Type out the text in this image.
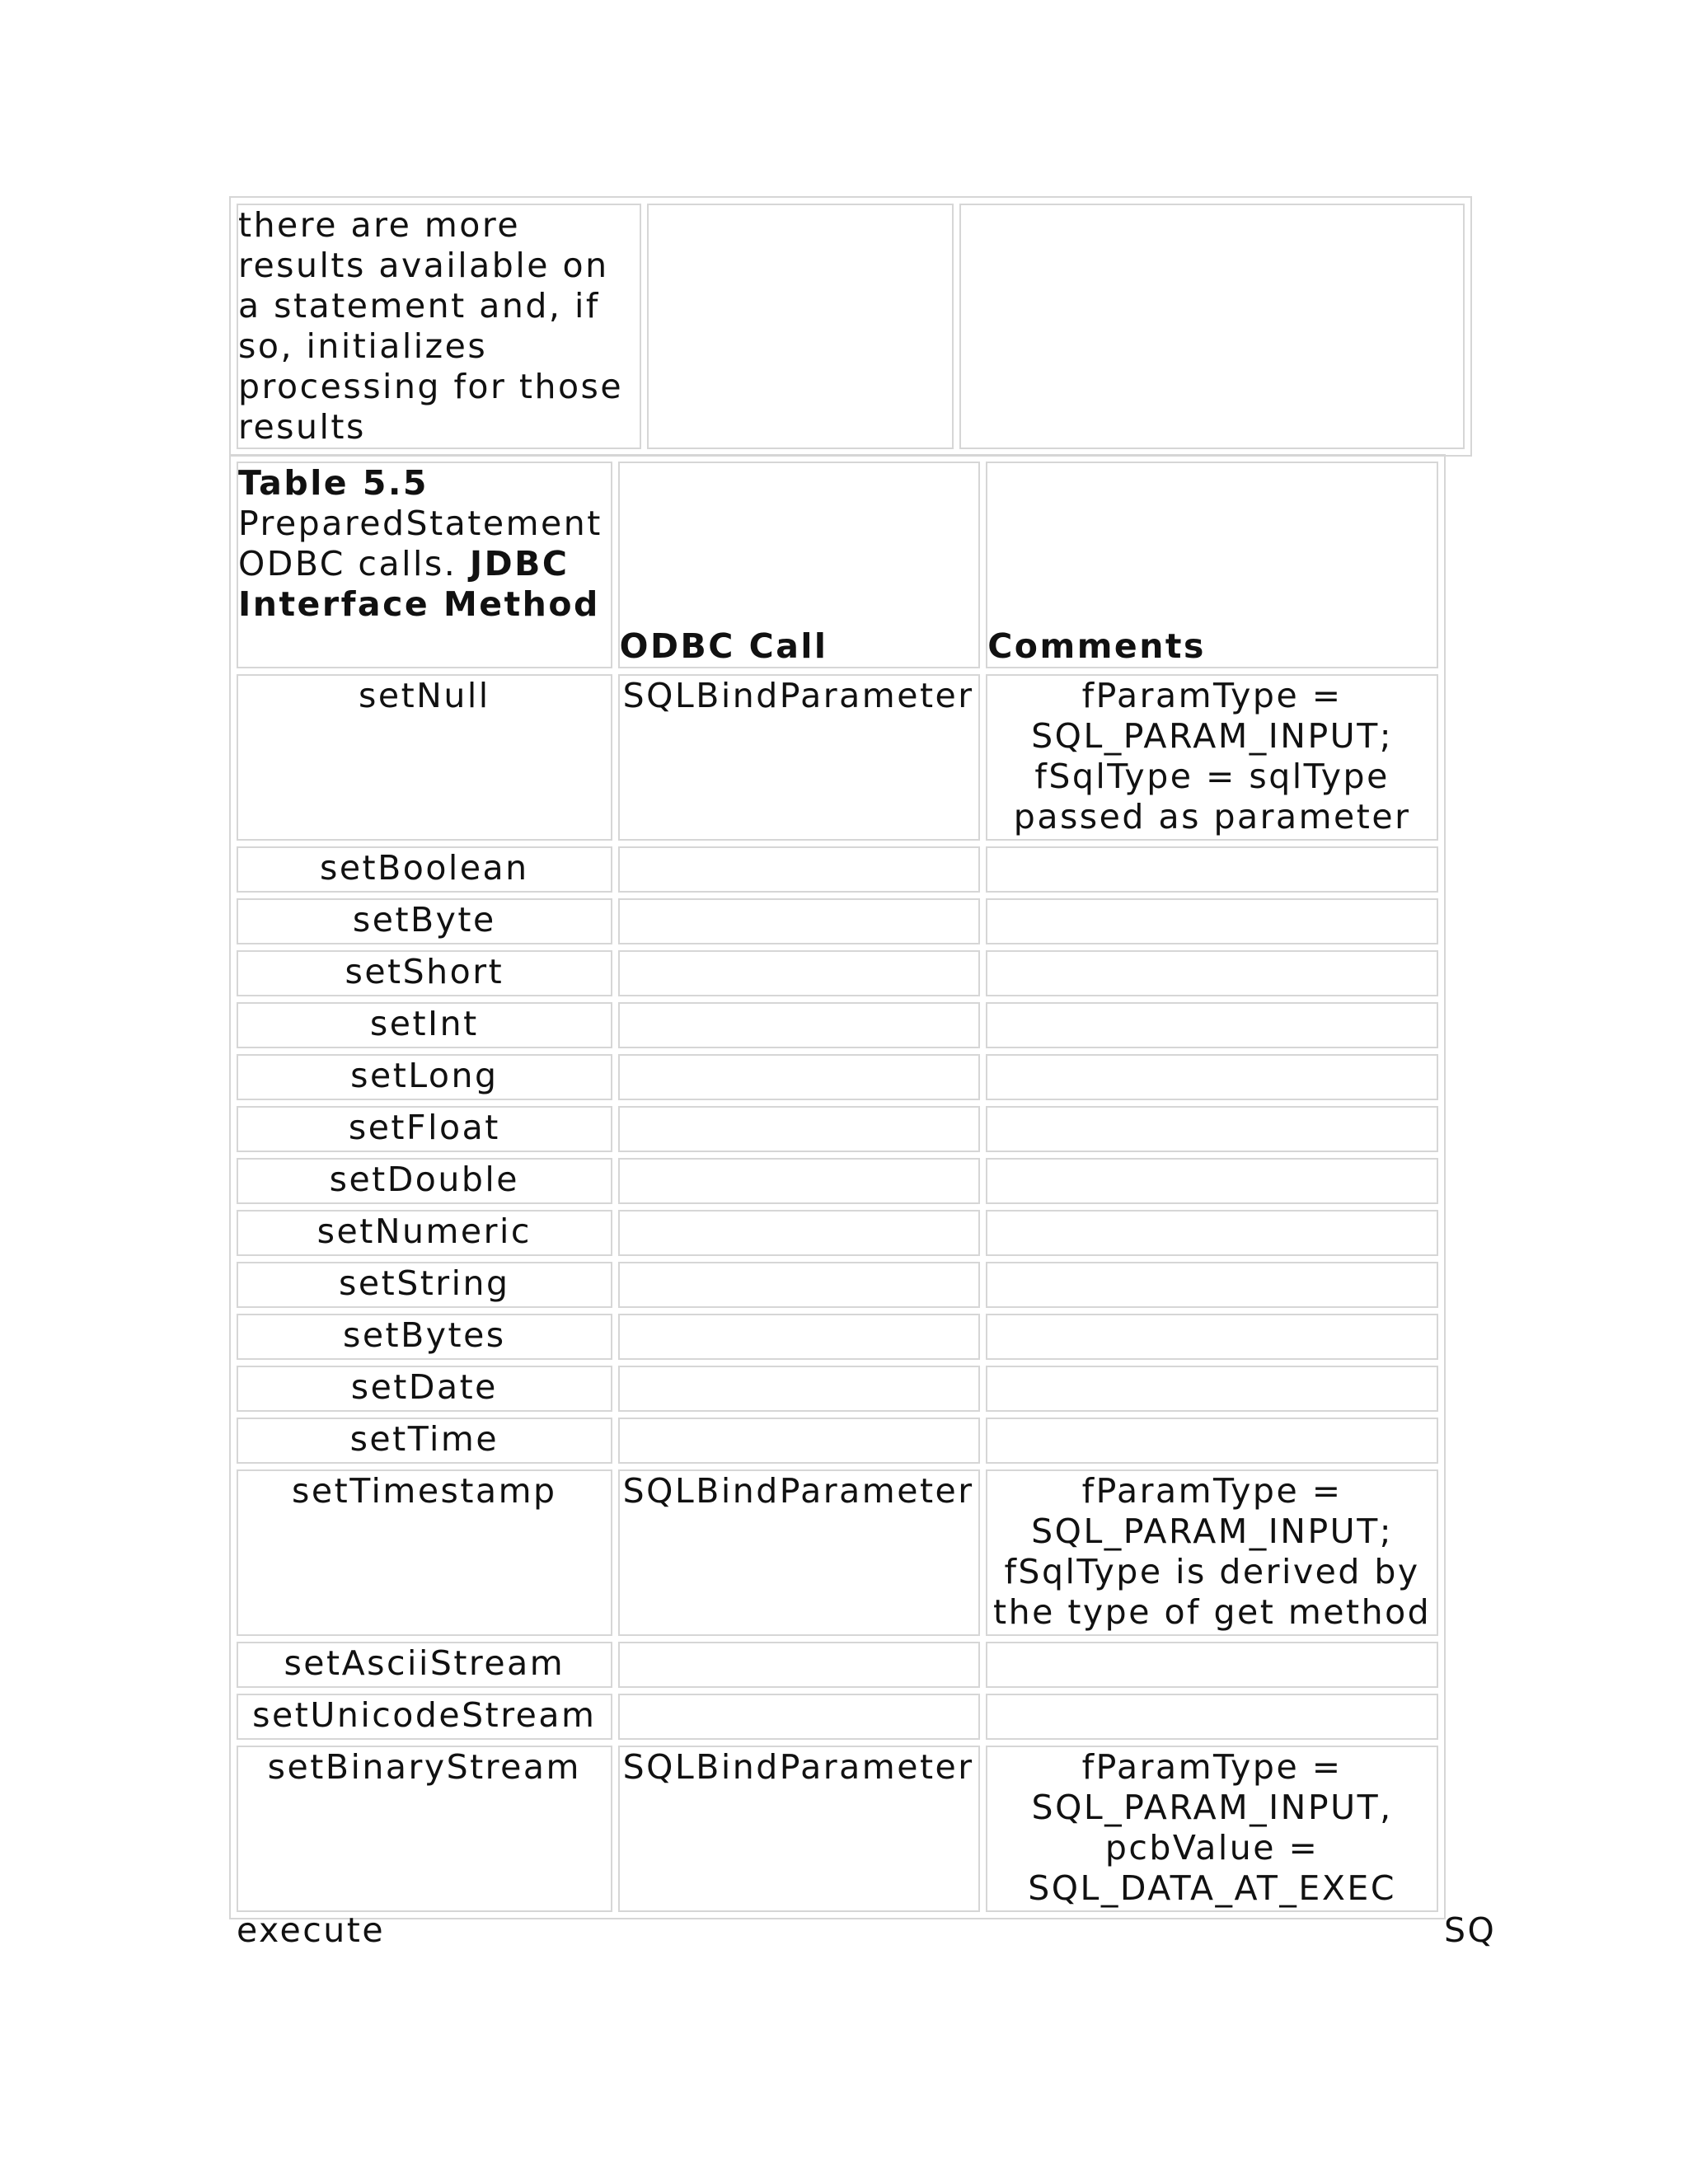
there are more results available on a statement and, if so, initializes processing for those results		
Table 5.5
PreparedStatement ODBC calls. JDBC Interface Method	ODBC Call	Comments
setNull	SQLBindParameter	fParamType =
SQL_PARAM_INPUT;
fSqlType = sqlType
passed as parameter

setBoolean		
setByte		
setShort		
setInt		
setLong		
setFloat		
setDouble		
setNumeric		
setString		
setBytes		
setDate		
setTime		
setTimestamp	SQLBindParameter	fParamType =
SQL_PARAM_INPUT;
fSqlType is derived by
the type of get method

setAsciiStream		
setUnicodeStream		
setBinaryStream	SQLBindParameter	fParamType =
SQL_PARAM_INPUT,
pcbValue =
SQL_DATA_AT_EXEC
execute	SQ
